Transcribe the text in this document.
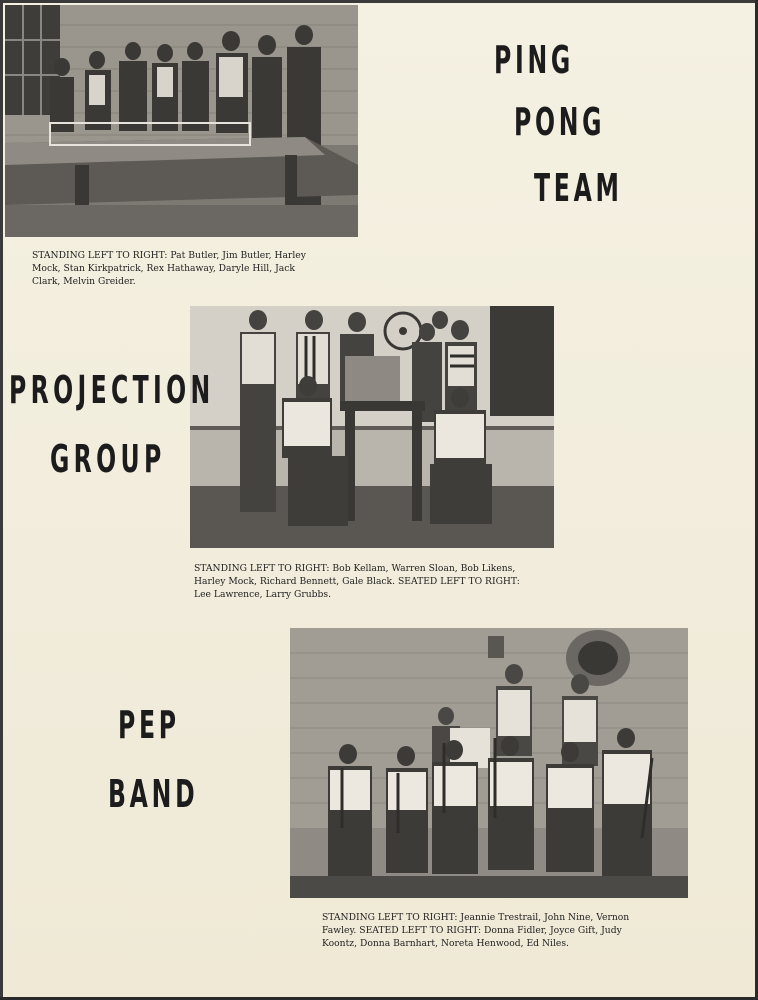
PING
PONG
TEAM
STANDING LEFT TO RIGHT: Pat Butler, Jim Butler, Harley
Mock, Stan Kirkpatrick, Rex Hathaway, Daryle Hill, Jack
Clark, Melvin Greider.
PROJECTION
GROUP
STANDING LEFT TO RIGHT: Bob Kellam, Warren Sloan, Bob Likens,
Harley Mock, Richard Bennett, Gale Black. SEATED LEFT TO RIGHT:
Lee Lawrence, Larry Grubbs.
PEP
BAND
STANDING LEFT TO RIGHT: Jeannie Trestrail, John Nine, Vernon
Fawley. SEATED LEFT TO RIGHT: Donna Fidler, Joyce Gift, Judy
Koontz, Donna Barnhart, Noreta Henwood, Ed Niles.
